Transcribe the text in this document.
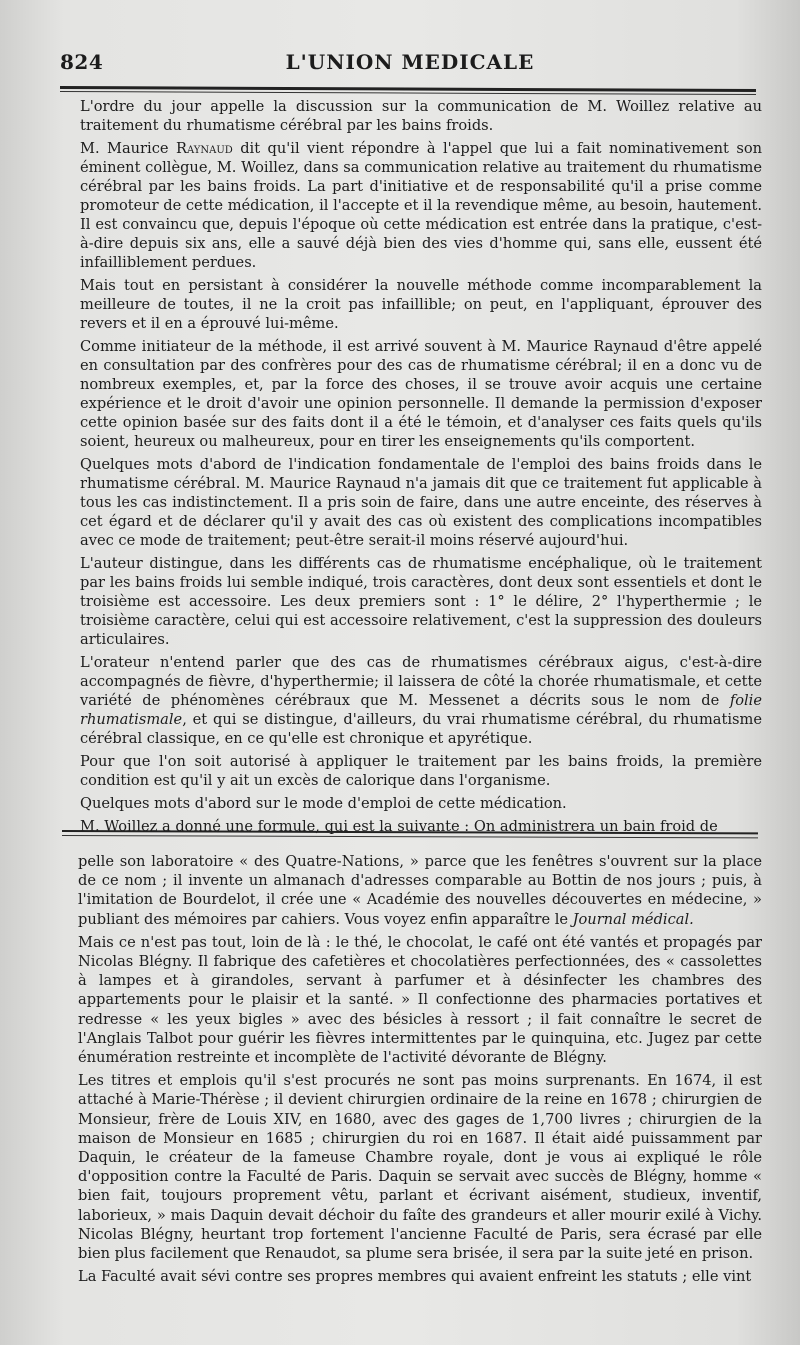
824	L'UNION MEDICALE

L'ordre du jour appelle la discussion sur la communication de M. Woillez relative au traitement du rhumatisme cérébral par les bains froids.

M. Maurice Raynaud dit qu'il vient répondre à l'appel que lui a fait nominativement son éminent collègue, M. Woillez, dans sa communication relative au traitement du rhumatisme cérébral par les bains froids. La part d'initiative et de responsabilité qu'il a prise comme promoteur de cette médication, il l'accepte et il la revendique même, au besoin, hautement. Il est convaincu que, depuis l'époque où cette médication est entrée dans la pratique, c'est-à-dire depuis six ans, elle a sauvé déjà bien des vies d'homme qui, sans elle, eussent été infailliblement perdues.

Mais tout en persistant à considérer la nouvelle méthode comme incomparablement la meilleure de toutes, il ne la croit pas infaillible; on peut, en l'appliquant, éprouver des revers et il en a éprouvé lui-même.

Comme initiateur de la méthode, il est arrivé souvent à M. Maurice Raynaud d'être appelé en consultation par des confrères pour des cas de rhumatisme cérébral; il en a donc vu de nombreux exemples, et, par la force des choses, il se trouve avoir acquis une certaine expérience et le droit d'avoir une opinion personnelle. Il demande la permission d'exposer cette opinion basée sur des faits dont il a été le témoin, et d'analyser ces faits quels qu'ils soient, heureux ou malheureux, pour en tirer les enseignements qu'ils comportent.

Quelques mots d'abord de l'indication fondamentale de l'emploi des bains froids dans le rhumatisme cérébral. M. Maurice Raynaud n'a jamais dit que ce traitement fut applicable à tous les cas indistinctement. Il a pris soin de faire, dans une autre enceinte, des réserves à cet égard et de déclarer qu'il y avait des cas où existent des complications incompatibles avec ce mode de traitement; peut-être serait-il moins réservé aujourd'hui.

L'auteur distingue, dans les différents cas de rhumatisme encéphalique, où le traitement par les bains froids lui semble indiqué, trois caractères, dont deux sont essentiels et dont le troisième est accessoire. Les deux premiers sont : 1° le délire, 2° l'hyperthermie ; le troisième caractère, celui qui est accessoire relativement, c'est la suppression des douleurs articulaires.

L'orateur n'entend parler que des cas de rhumatismes cérébraux aigus, c'est-à-dire accompagnés de fièvre, d'hyperthermie; il laissera de côté la chorée rhumatismale, et cette variété de phénomènes cérébraux que M. Messenet a décrits sous le nom de folie rhumatismale, et qui se distingue, d'ailleurs, du vrai rhumatisme cérébral, du rhumatisme cérébral classique, en ce qu'elle est chronique et apyrétique.

Pour que l'on soit autorisé à appliquer le traitement par les bains froids, la première condition est qu'il y ait un excès de calorique dans l'organisme.

Quelques mots d'abord sur le mode d'emploi de cette médication.

M. Woillez a donné une formule, qui est la suivante : On administrera un bain froid de

pelle son laboratoire « des Quatre-Nations, » parce que les fenêtres s'ouvrent sur la place de ce nom ; il invente un almanach d'adresses comparable au Bottin de nos jours ; puis, à l'imitation de Bourdelot, il crée une « Académie des nouvelles découvertes en médecine, » publiant des mémoires par cahiers. Vous voyez enfin apparaître le Journal médical.

Mais ce n'est pas tout, loin de là : le thé, le chocolat, le café ont été vantés et propagés par Nicolas Blégny. Il fabrique des cafetières et chocolatières perfectionnées, des « cassolettes à lampes et à girandoles, servant à parfumer et à désinfecter les chambres des appartements pour le plaisir et la santé. » Il confectionne des pharmacies portatives et redresse « les yeux bigles » avec des bésicles à ressort ; il fait connaître le secret de l'Anglais Talbot pour guérir les fièvres intermittentes par le quinquina, etc. Jugez par cette énumération restreinte et incomplète de l'activité dévorante de Blégny.

Les titres et emplois qu'il s'est procurés ne sont pas moins surprenants. En 1674, il est attaché à Marie-Thérèse ; il devient chirurgien ordinaire de la reine en 1678 ; chirurgien de Monsieur, frère de Louis XIV, en 1680, avec des gages de 1,700 livres ; chirurgien de la maison de Monsieur en 1685 ; chirurgien du roi en 1687. Il était aidé puissamment par Daquin, le créateur de la fameuse Chambre royale, dont je vous ai expliqué le rôle d'opposition contre la Faculté de Paris. Daquin se servait avec succès de Blégny, homme « bien fait, toujours proprement vêtu, parlant et écrivant aisément, studieux, inventif, laborieux, » mais Daquin devait déchoir du faîte des grandeurs et aller mourir exilé à Vichy. Nicolas Blégny, heurtant trop fortement l'ancienne Faculté de Paris, sera écrasé par elle bien plus facilement que Renaudot, sa plume sera brisée, il sera par la suite jeté en prison.

La Faculté avait sévi contre ses propres membres qui avaient enfreint les statuts ; elle vint
